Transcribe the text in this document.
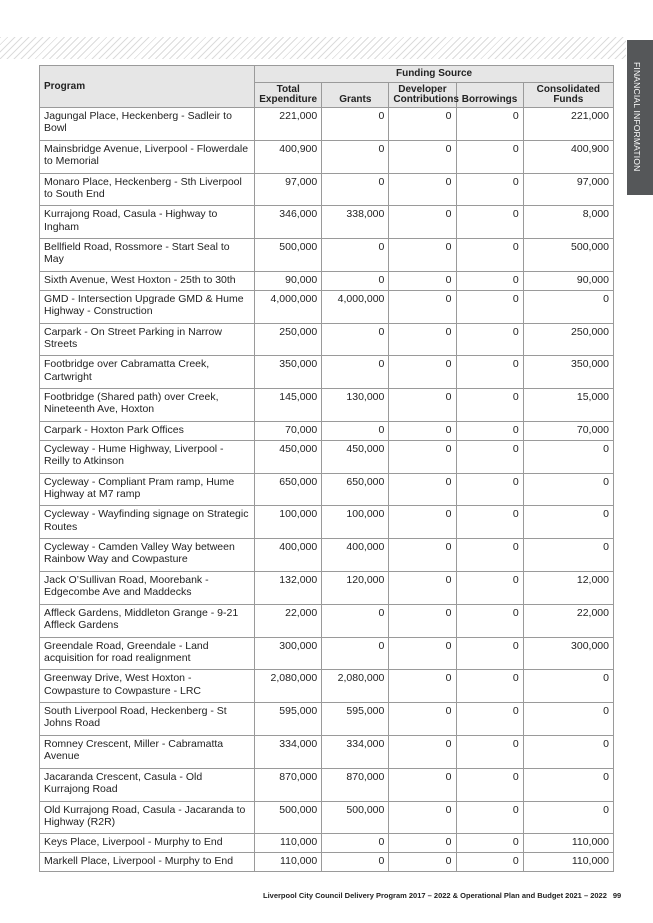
FINANCIAL INFORMATION
Program	Funding Source				
	Total Expenditure	Grants	Developer Contributions	Borrowings	Consolidated Funds
Jagungal Place, Heckenberg - Sadleir to Bowl	221,000	0	0	0	221,000
Mainsbridge Avenue, Liverpool - Flowerdale to Memorial	400,900	0	0	0	400,900
Monaro Place, Heckenberg - Sth Liverpool to South End	97,000	0	0	0	97,000
Kurrajong Road, Casula - Highway to Ingham	346,000	338,000	0	0	8,000
Bellfield Road, Rossmore - Start Seal to May	500,000	0	0	0	500,000
Sixth Avenue, West Hoxton - 25th to 30th	90,000	0	0	0	90,000
GMD - Intersection Upgrade GMD & Hume Highway - Construction	4,000,000	4,000,000	0	0	0
Carpark - On Street Parking in Narrow Streets	250,000	0	0	0	250,000
Footbridge over Cabramatta Creek, Cartwright	350,000	0	0	0	350,000
Footbridge (Shared path) over Creek, Nineteenth Ave, Hoxton	145,000	130,000	0	0	15,000
Carpark - Hoxton Park Offices	70,000	0	0	0	70,000
Cycleway - Hume Highway, Liverpool - Reilly to Atkinson	450,000	450,000	0	0	0
Cycleway - Compliant Pram ramp, Hume Highway at M7 ramp	650,000	650,000	0	0	0
Cycleway - Wayfinding signage on Strategic Routes	100,000	100,000	0	0	0
Cycleway - Camden Valley Way between Rainbow Way and Cowpasture	400,000	400,000	0	0	0
Jack O’Sullivan Road, Moorebank -Edgecombe Ave and Maddecks	132,000	120,000	0	0	12,000
Affleck Gardens, Middleton Grange - 9-21 Affleck Gardens	22,000	0	0	0	22,000
Greendale Road, Greendale - Land acquisition for road realignment	300,000	0	0	0	300,000
Greenway Drive, West Hoxton - Cowpasture to Cowpasture - LRC	2,080,000	2,080,000	0	0	0
South Liverpool Road, Heckenberg - St Johns Road	595,000	595,000	0	0	0
Romney Crescent, Miller - Cabramatta Avenue	334,000	334,000	0	0	0
Jacaranda Crescent, Casula - Old Kurrajong Road	870,000	870,000	0	0	0
Old Kurrajong Road, Casula - Jacaranda to Highway (R2R)	500,000	500,000	0	0	0
Keys Place, Liverpool - Murphy to End	110,000	0	0	0	110,000
Markell Place, Liverpool - Murphy to End	110,000	0	0	0	110,000
Liverpool City Council Delivery Program 2017 – 2022 & Operational Plan and Budget 2021 – 2022 99
